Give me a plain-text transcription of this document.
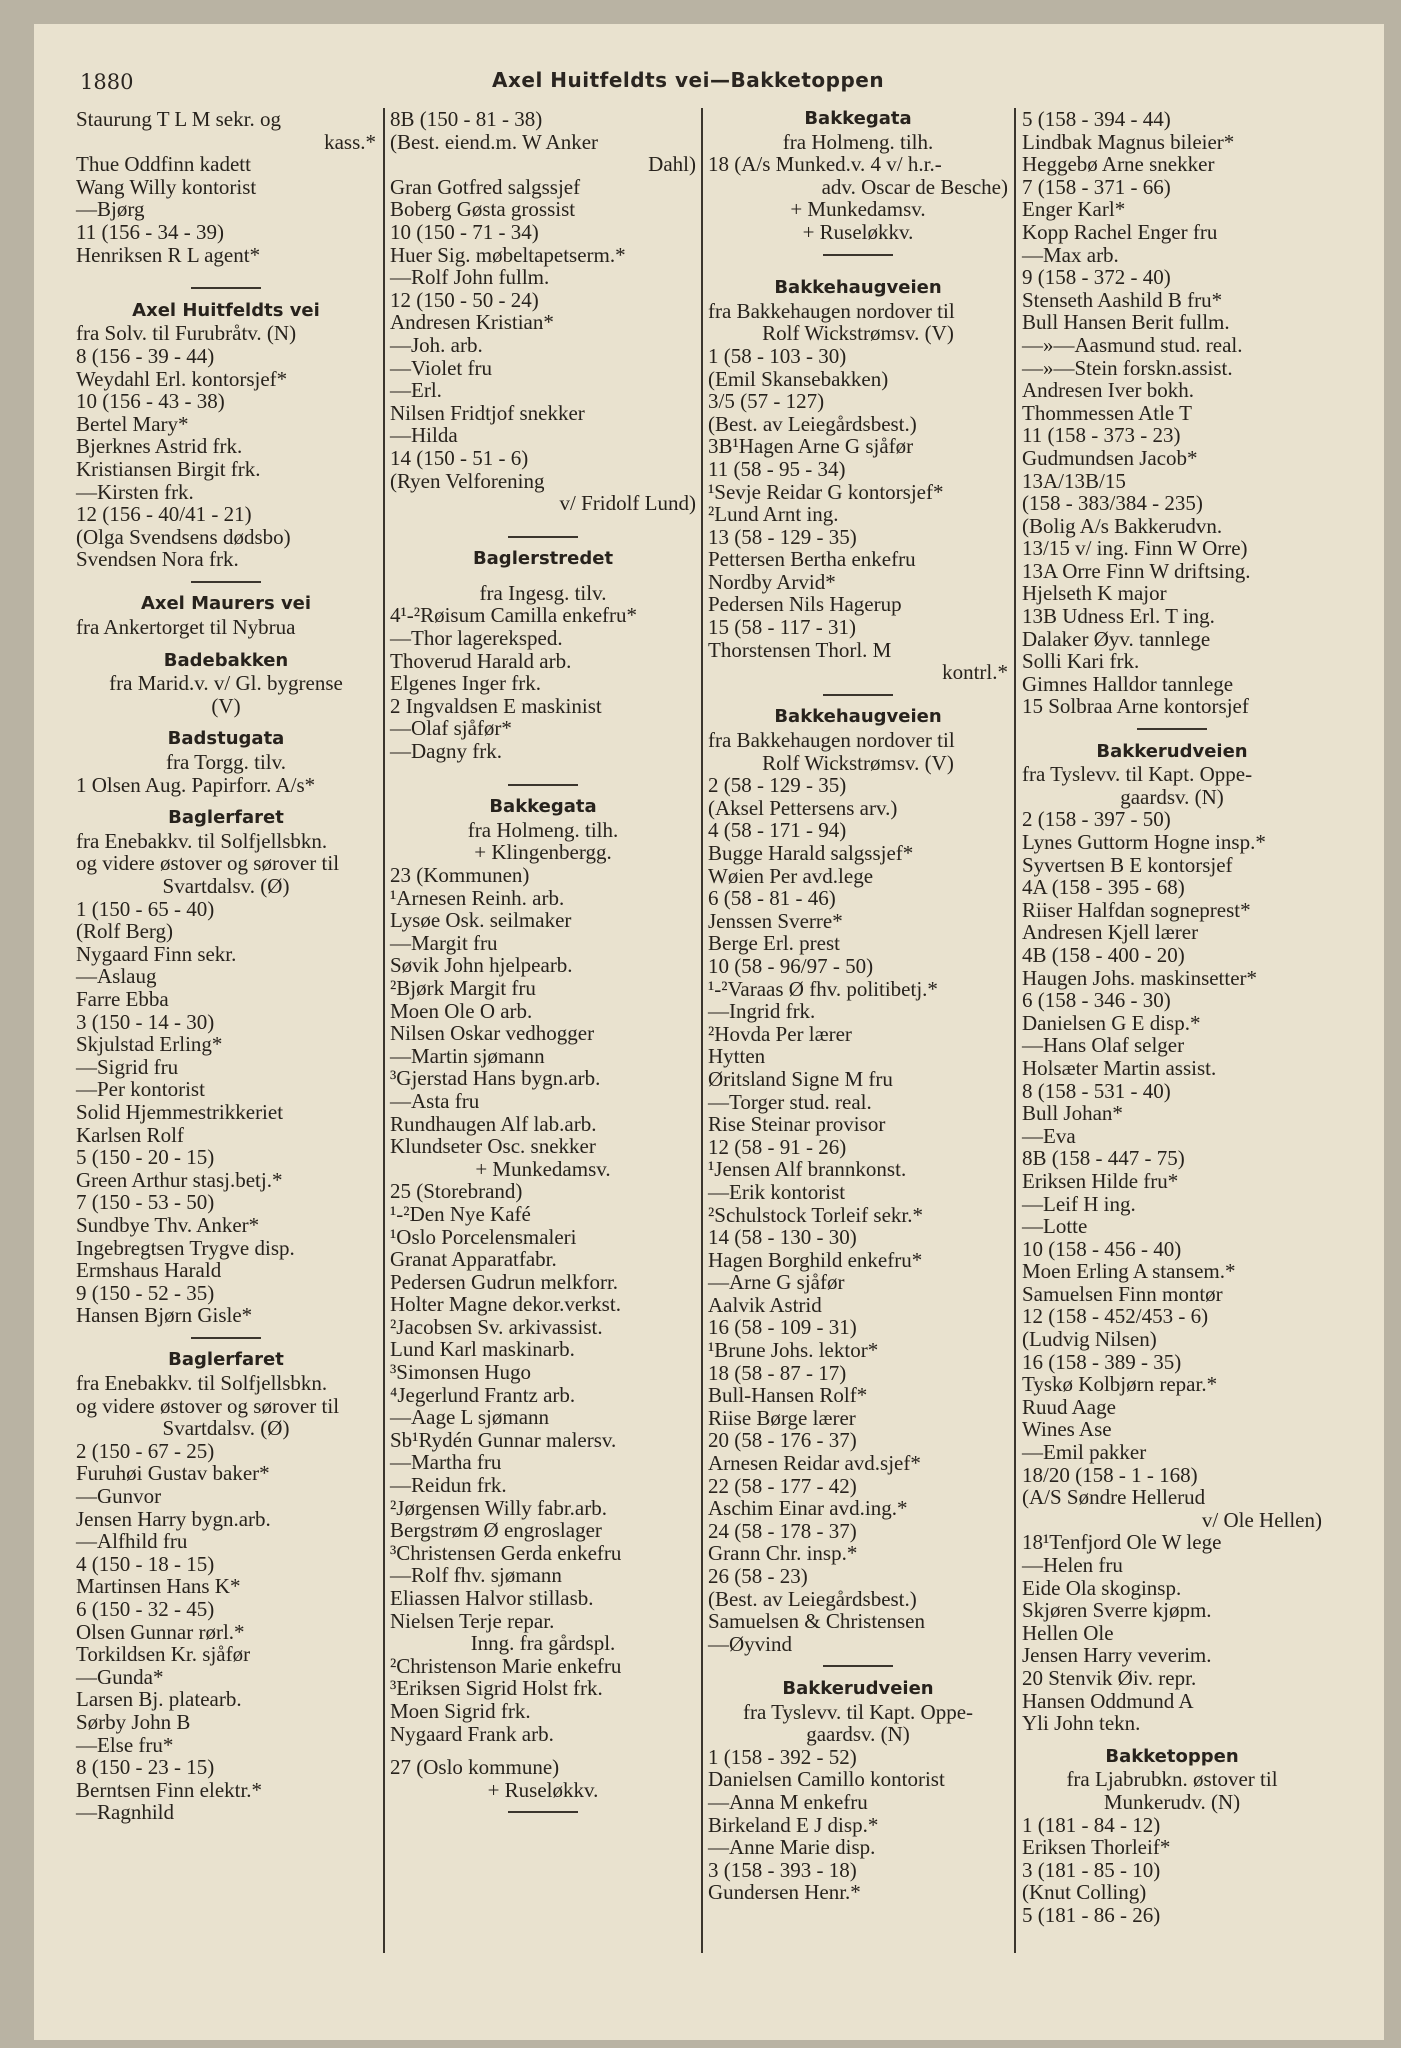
1880	Axel Huitfeldts vei—Bakketoppen
Staurung T L M sekr. og
kass.*
Thue Oddfinn kadett
Wang Willy kontorist
—Bjørg
11 (156 - 34 - 39)
Henriksen R L agent*
Axel Huitfeldts vei
fra Solv. til Furubråtv. (N)
8 (156 - 39 - 44)
Weydahl Erl. kontorsjef*
10 (156 - 43 - 38)
Bertel Mary*
Bjerknes Astrid frk.
Kristiansen Birgit frk.
—Kirsten frk.
12 (156 - 40/41 - 21)
(Olga Svendsens dødsbo)
Svendsen Nora frk.
Axel Maurers vei
fra Ankertorget til Nybrua
Badebakken
fra Marid.v. v/ Gl. bygrense
(V)
Badstugata
fra Torgg. tilv.
1 Olsen Aug. Papirforr. A/s*
Baglerfaret
fra Enebakkv. til Solfjellsbkn.
og videre østover og sørover til
Svartdalsv. (Ø)
1 (150 - 65 - 40)
(Rolf Berg)
Nygaard Finn sekr.
—Aslaug
Farre Ebba
3 (150 - 14 - 30)
Skjulstad Erling*
—Sigrid fru
—Per kontorist
Solid Hjemmestrikkeriet
Karlsen Rolf
5 (150 - 20 - 15)
Green Arthur stasj.betj.*
7 (150 - 53 - 50)
Sundbye Thv. Anker*
Ingebregtsen Trygve disp.
Ermshaus Harald
9 (150 - 52 - 35)
Hansen Bjørn Gisle*
Baglerfaret
fra Enebakkv. til Solfjellsbkn.
og videre østover og sørover til
Svartdalsv. (Ø)
2 (150 - 67 - 25)
Furuhøi Gustav baker*
—Gunvor
Jensen Harry bygn.arb.
—Alfhild fru
4 (150 - 18 - 15)
Martinsen Hans K*
6 (150 - 32 - 45)
Olsen Gunnar rørl.*
Torkildsen Kr. sjåfør
—Gunda*
Larsen Bj. platearb.
Sørby John B
—Else fru*
8 (150 - 23 - 15)
Berntsen Finn elektr.*
—Ragnhild
8B (150 - 81 - 38)
(Best. eiend.m. W Anker
Dahl)
Gran Gotfred salgssjef
Boberg Gøsta grossist
10 (150 - 71 - 34)
Huer Sig. møbeltapetserm.*
—Rolf John fullm.
12 (150 - 50 - 24)
Andresen Kristian*
—Joh. arb.
—Violet fru
—Erl.
Nilsen Fridtjof snekker
—Hilda
14 (150 - 51 - 6)
(Ryen Velforening
v/ Fridolf Lund)
Baglerstredet
fra Ingesg. tilv.
4¹-²Røisum Camilla enkefru*
—Thor lagereksped.
Thoverud Harald arb.
Elgenes Inger frk.
2 Ingvaldsen E maskinist
—Olaf sjåfør*
—Dagny frk.
Bakkegata
fra Holmeng. tilh.
+ Klingenbergg.
23 (Kommunen)
¹Arnesen Reinh. arb.
Lysøe Osk. seilmaker
—Margit fru
Søvik John hjelpearb.
²Bjørk Margit fru
Moen Ole O arb.
Nilsen Oskar vedhogger
—Martin sjømann
³Gjerstad Hans bygn.arb.
—Asta fru
Rundhaugen Alf lab.arb.
Klundseter Osc. snekker
+ Munkedamsv.
25 (Storebrand)
¹-²Den Nye Kafé
¹Oslo Porcelensmaleri
Granat Apparatfabr.
Pedersen Gudrun melkforr.
Holter Magne dekor.verkst.
²Jacobsen Sv. arkivassist.
Lund Karl maskinarb.
³Simonsen Hugo
⁴Jegerlund Frantz arb.
—Aage L sjømann
Sb¹Rydén Gunnar malersv.
—Martha fru
—Reidun frk.
²Jørgensen Willy fabr.arb.
Bergstrøm Ø engroslager
³Christensen Gerda enkefru
—Rolf fhv. sjømann
Eliassen Halvor stillasb.
Nielsen Terje repar.
Inng. fra gårdspl.
²Christenson Marie enkefru
³Eriksen Sigrid Holst frk.
Moen Sigrid frk.
Nygaard Frank arb.
27 (Oslo kommune)
+ Ruseløkkv.
Bakkegata
fra Holmeng. tilh.
18 (A/s Munked.v. 4 v/ h.r.-
adv. Oscar de Besche)
+ Munkedamsv.
+ Ruseløkkv.
Bakkehaugveien
fra Bakkehaugen nordover til
Rolf Wickstrømsv. (V)
1 (58 - 103 - 30)
(Emil Skansebakken)
3/5 (57 - 127)
(Best. av Leiegårdsbest.)
3B¹Hagen Arne G sjåfør
11 (58 - 95 - 34)
¹Sevje Reidar G kontorsjef*
²Lund Arnt ing.
13 (58 - 129 - 35)
Pettersen Bertha enkefru
Nordby Arvid*
Pedersen Nils Hagerup
15 (58 - 117 - 31)
Thorstensen Thorl. M
kontrl.*
Bakkehaugveien
fra Bakkehaugen nordover til
Rolf Wickstrømsv. (V)
2 (58 - 129 - 35)
(Aksel Pettersens arv.)
4 (58 - 171 - 94)
Bugge Harald salgssjef*
Wøien Per avd.lege
6 (58 - 81 - 46)
Jenssen Sverre*
Berge Erl. prest
10 (58 - 96/97 - 50)
¹-²Varaas Ø fhv. politibetj.*
—Ingrid frk.
²Hovda Per lærer
Hytten
Øritsland Signe M fru
—Torger stud. real.
Rise Steinar provisor
12 (58 - 91 - 26)
¹Jensen Alf brannkonst.
—Erik kontorist
²Schulstock Torleif sekr.*
14 (58 - 130 - 30)
Hagen Borghild enkefru*
—Arne G sjåfør
Aalvik Astrid
16 (58 - 109 - 31)
¹Brune Johs. lektor*
18 (58 - 87 - 17)
Bull-Hansen Rolf*
Riise Børge lærer
20 (58 - 176 - 37)
Arnesen Reidar avd.sjef*
22 (58 - 177 - 42)
Aschim Einar avd.ing.*
24 (58 - 178 - 37)
Grann Chr. insp.*
26 (58 - 23)
(Best. av Leiegårdsbest.)
Samuelsen & Christensen
—Øyvind
Bakkerudveien
fra Tyslevv. til Kapt. Oppe-
gaardsv. (N)
1 (158 - 392 - 52)
Danielsen Camillo kontorist
—Anna M enkefru
Birkeland E J disp.*
—Anne Marie disp.
3 (158 - 393 - 18)
Gundersen Henr.*
5 (158 - 394 - 44)
Lindbak Magnus bileier*
Heggebø Arne snekker
7 (158 - 371 - 66)
Enger Karl*
Kopp Rachel Enger fru
—Max arb.
9 (158 - 372 - 40)
Stenseth Aashild B fru*
Bull Hansen Berit fullm.
—»—Aasmund stud. real.
—»—Stein forskn.assist.
Andresen Iver bokh.
Thommessen Atle T
11 (158 - 373 - 23)
Gudmundsen Jacob*
13A/13B/15
(158 - 383/384 - 235)
(Bolig A/s Bakkerudvn.
13/15 v/ ing. Finn W Orre)
13A Orre Finn W driftsing.
Hjelseth K major
13B Udness Erl. T ing.
Dalaker Øyv. tannlege
Solli Kari frk.
Gimnes Halldor tannlege
15 Solbraa Arne kontorsjef
Bakkerudveien
fra Tyslevv. til Kapt. Oppe-
gaardsv. (N)
2 (158 - 397 - 50)
Lynes Guttorm Hogne insp.*
Syvertsen B E kontorsjef
4A (158 - 395 - 68)
Riiser Halfdan sogneprest*
Andresen Kjell lærer
4B (158 - 400 - 20)
Haugen Johs. maskinsetter*
6 (158 - 346 - 30)
Danielsen G E disp.*
—Hans Olaf selger
Holsæter Martin assist.
8 (158 - 531 - 40)
Bull Johan*
—Eva
8B (158 - 447 - 75)
Eriksen Hilde fru*
—Leif H ing.
—Lotte
10 (158 - 456 - 40)
Moen Erling A stansem.*
Samuelsen Finn montør
12 (158 - 452/453 - 6)
(Ludvig Nilsen)
16 (158 - 389 - 35)
Tyskø Kolbjørn repar.*
Ruud Aage
Wines Ase
—Emil pakker
18/20 (158 - 1 - 168)
(A/S Søndre Hellerud
v/ Ole Hellen)
18¹Tenfjord Ole W lege
—Helen fru
Eide Ola skoginsp.
Skjøren Sverre kjøpm.
Hellen Ole
Jensen Harry veverim.
20 Stenvik Øiv. repr.
Hansen Oddmund A
Yli John tekn.
Bakketoppen
fra Ljabrubkn. østover til
Munkerudv. (N)
1 (181 - 84 - 12)
Eriksen Thorleif*
3 (181 - 85 - 10)
(Knut Colling)
5 (181 - 86 - 26)
